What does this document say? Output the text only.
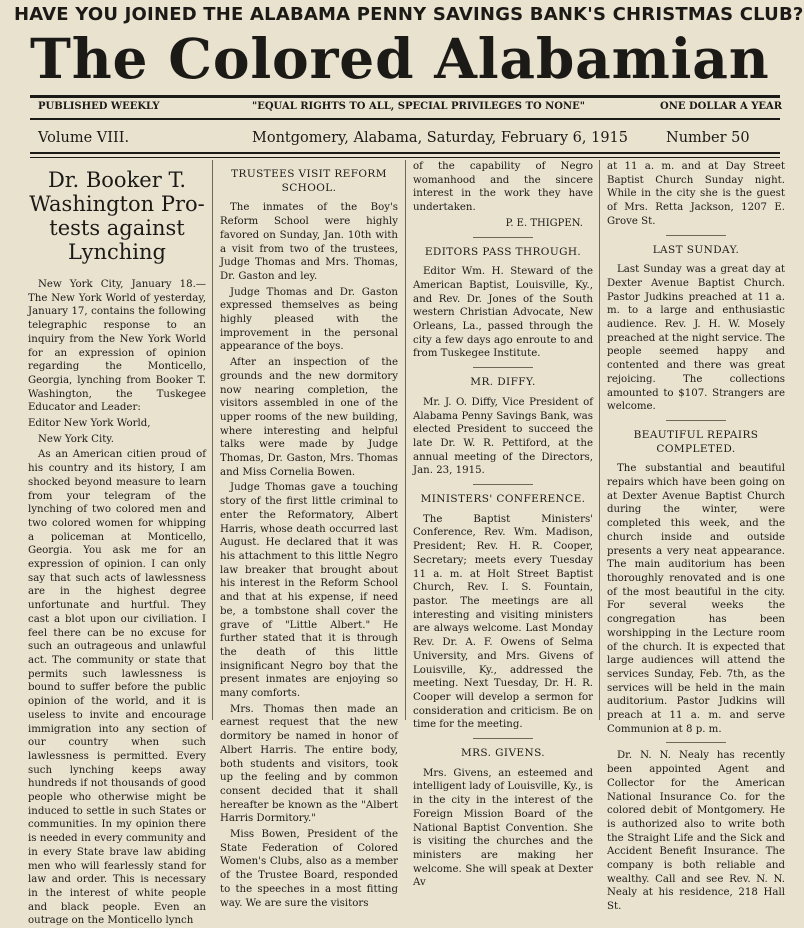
HAVE YOU JOINED THE ALABAMA PENNY SAVINGS BANK'S CHRISTMAS CLUB?
The Colored Alabamian
PUBLISHED WEEKLY	"EQUAL RIGHTS TO ALL, SPECIAL PRIVILEGES TO NONE"	ONE DOLLAR A YEAR
Volume VIII.	Montgomery, Alabama, Saturday, February 6, 1915	Number 50
Dr. Booker T.
Washington Pro-
tests against
Lynching

New York City, January 18.—The New York World of yesterday, January 17, contains the following telegraphic response to an inquiry from the New York World for an expression of opinion regarding the Monticello, Georgia, lynching from Booker T. Washington, the Tuskegee Educator and Leader:

Editor New York World,

New York City.

As an American citien proud of his country and its history, I am shocked beyond measure to learn from your telegram of the lynching of two colored men and two colored women for whipping a policeman at Monticello, Georgia. You ask me for an expression of opinion. I can only say that such acts of lawlessness are in the highest degree unfortunate and hurtful. They cast a blot upon our civiliation. I feel there can be no excuse for such an outrageous and unlawful act. The community or state that permits such lawlessness is bound to suffer before the public opinion of the world, and it is useless to invite and encourage immigration into any section of our country when such lawlessness is permitted. Every such lynching keeps away hundreds if not thousands of good people who otherwise might be induced to settle in such States or communities. In my opinion there is needed in every community and in every State brave law abiding men who will fearlessly stand for law and order. This is necessary in the interest of white people and black people. Even an outrage on the Monticello lynch

TRUSTEES VISIT REFORM SCHOOL.

The inmates of the Boy's Reform School were highly favored on Sunday, Jan. 10th with a visit from two of the trustees, Judge Thomas and Mrs. Thomas, Dr. Gaston and ley.

Judge Thomas and Dr. Gaston expressed themselves as being highly pleased with the improvement in the personal appearance of the boys.

After an inspection of the grounds and the new dormitory now nearing completion, the visitors assembled in one of the upper rooms of the new building, where interesting and helpful talks were made by Judge Thomas, Dr. Gaston, Mrs. Thomas and Miss Cornelia Bowen.

Judge Thomas gave a touching story of the first little criminal to enter the Reformatory, Albert Harris, whose death occurred last August. He declared that it was his attachment to this little Negro law breaker that brought about his interest in the Reform School and that at his expense, if need be, a tombstone shall cover the grave of "Little Albert." He further stated that it is through the death of this little insignificant Negro boy that the present inmates are enjoying so many comforts.

Mrs. Thomas then made an earnest request that the new dormitory be named in honor of Albert Harris. The entire body, both students and visitors, took up the feeling and by common consent decided that it shall hereafter be known as the "Albert Harris Dormitory."

Miss Bowen, President of the State Federation of Colored Women's Clubs, also as a member of the Trustee Board, responded to the speeches in a most fitting way. We are sure the visitors

of the capability of Negro womanhood and the sincere interest in the work they have undertaken.

P. E. THIGPEN.
EDITORS PASS THROUGH.

Editor Wm. H. Steward of the American Baptist, Louisville, Ky., and Rev. Dr. Jones of the South western Christian Advocate, New Orleans, La., passed through the city a few days ago enroute to and from Tuskegee Institute.

MR. DIFFY.

Mr. J. O. Diffy, Vice President of Alabama Penny Savings Bank, was elected President to succeed the late Dr. W. R. Pettiford, at the annual meeting of the Directors, Jan. 23, 1915.

MINISTERS' CONFERENCE.

The Baptist Ministers' Conference, Rev. Wm. Madison, President; Rev. H. R. Cooper, Secretary; meets every Tuesday 11 a. m. at Holt Street Baptist Church, Rev. I. S. Fountain, pastor. The meetings are all interesting and visiting ministers are always welcome. Last Monday Rev. Dr. A. F. Owens of Selma University, and Mrs. Givens of Louisville, Ky., addressed the meeting. Next Tuesday, Dr. H. R. Cooper will develop a sermon for consideration and criticism. Be on time for the meeting.

MRS. GIVENS.

Mrs. Givens, an esteemed and intelligent lady of Louisville, Ky., is in the city in the interest of the Foreign Mission Board of the National Baptist Convention. She is visiting the churches and the ministers are making her welcome. She will speak at Dexter Av

at 11 a. m. and at Day Street Baptist Church Sunday night. While in the city she is the guest of Mrs. Retta Jackson, 1207 E. Grove St.

LAST SUNDAY.

Last Sunday was a great day at Dexter Avenue Baptist Church. Pastor Judkins preached at 11 a. m. to a large and enthusiastic audience. Rev. J. H. W. Mosely preached at the night service. The people seemed happy and contented and there was great rejoicing. The collections amounted to $107. Strangers are welcome.

BEAUTIFUL REPAIRS COMPLETED.

The substantial and beautiful repairs which have been going on at Dexter Avenue Baptist Church during the winter, were completed this week, and the church inside and outside presents a very neat appearance. The main auditorium has been thoroughly renovated and is one of the most beautiful in the city. For several weeks the congregation has been worshipping in the Lecture room of the church. It is expected that large audiences will attend the services Sunday, Feb. 7th, as the services will be held in the main auditorium. Pastor Judkins will preach at 11 a. m. and serve Communion at 8 p. m.

Dr. N. N. Nealy has recently been appointed Agent and Collector for the American National Insurance Co. for the colored debit of Montgomery. He is authorized also to write both the Straight Life and the Sick and Accident Benefit Insurance. The company is both reliable and wealthy. Call and see Rev. N. N. Nealy at his residence, 218 Hall St.
